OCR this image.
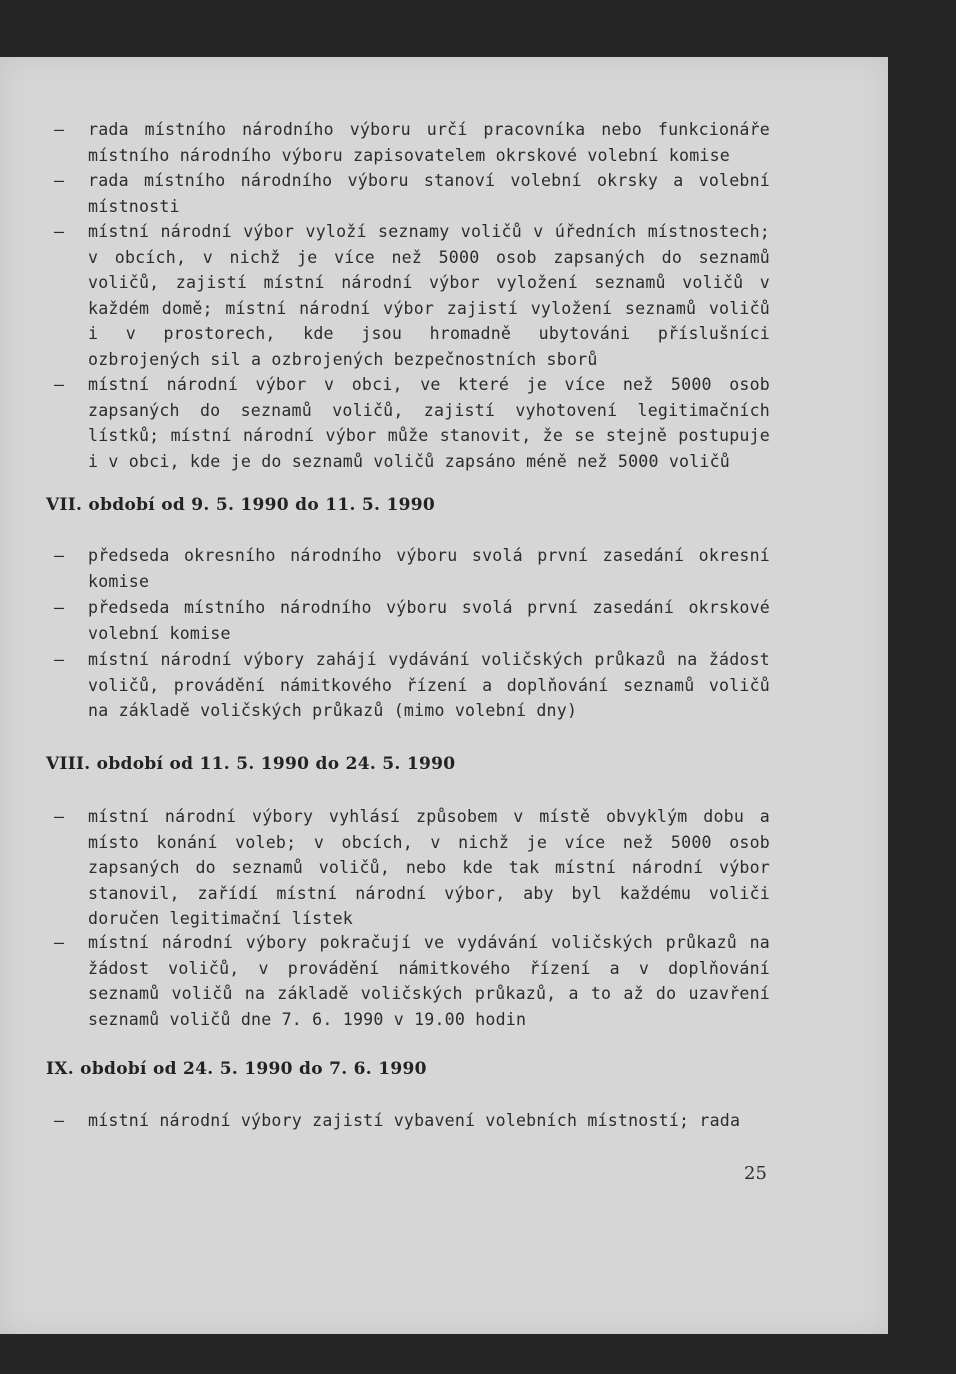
— rada místního národního výboru určí pracovníka nebo funkcionáře místního národního výboru zapisovatelem okrskové volební komise
— rada místního národního výboru stanoví volební okrsky a volební místnosti
— místní národní výbor vyloží seznamy voličů v úředních místnostech; v obcích, v nichž je více než 5000 osob zapsaných do seznamů voličů, zajistí místní národní výbor vyložení seznamů voličů v každém domě; místní národní výbor zajistí vyložení seznamů voličů i v prostorech, kde jsou hromadně ubytováni příslušníci ozbrojených sil a ozbrojených bezpečnostních sborů
— místní národní výbor v obci, ve které je více než 5000 osob zapsaných do seznamů voličů, zajistí vyhotovení legitimačních lístků; místní národní výbor může stanovit, že se stejně postupuje i v obci, kde je do seznamů voličů zapsáno méně než 5000 voličů
VII. období od 9. 5. 1990 do 11. 5. 1990
— předseda okresního národního výboru svolá první zasedání okresní komise
— předseda místního národního výboru svolá první zasedání okrskové volební komise
— místní národní výbory zahájí vydávání voličských průkazů na žádost voličů, provádění námitkového řízení a doplňování seznamů voličů na základě voličských průkazů (mimo volební dny)
VIII. období od 11. 5. 1990 do 24. 5. 1990
— místní národní výbory vyhlásí způsobem v místě obvyklým dobu a místo konání voleb; v obcích, v nichž je více než 5000 osob zapsaných do seznamů voličů, nebo kde tak místní národní výbor stanovil, zařídí místní národní výbor, aby byl každému voliči doručen legitimační lístek
— místní národní výbory pokračují ve vydávání voličských průkazů na žádost voličů, v provádění námitkového řízení a v doplňování seznamů voličů na základě voličských průkazů, a to až do uzavření seznamů voličů dne 7. 6. 1990 v 19.00 hodin
IX. období od 24. 5. 1990 do 7. 6. 1990
— místní národní výbory zajistí vybavení volebních místností; rada
25
